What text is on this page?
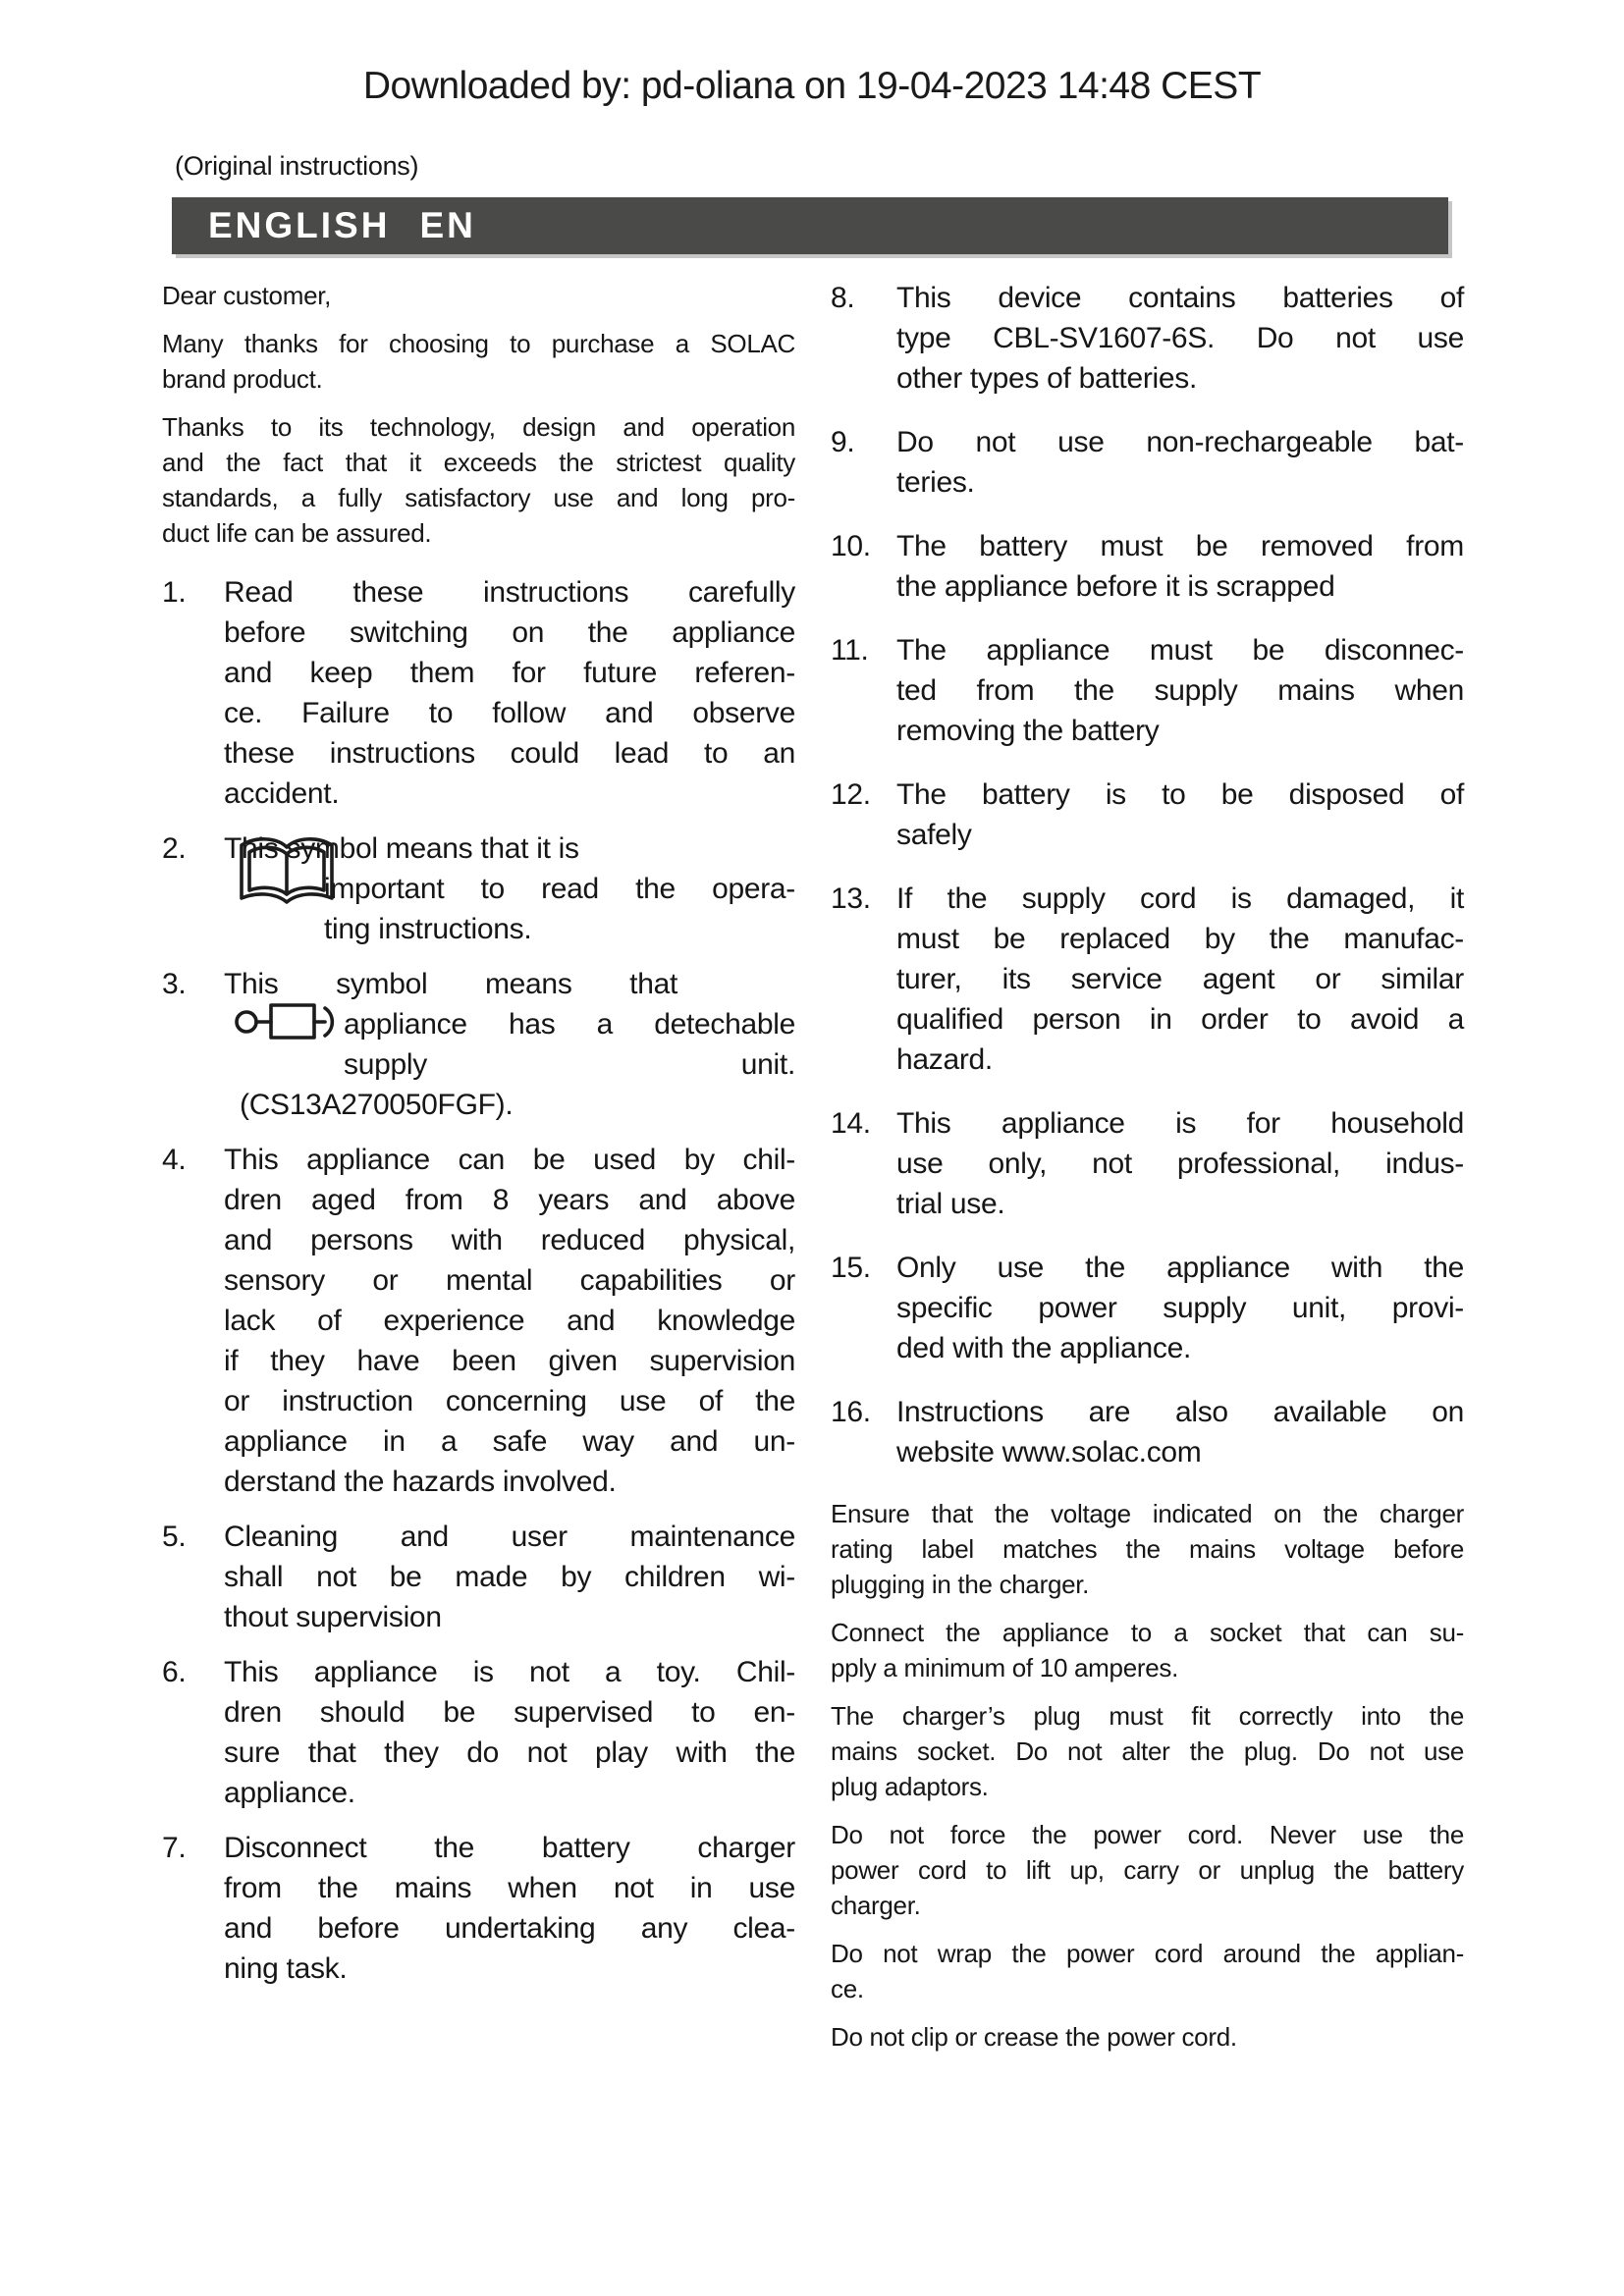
Downloaded by: pd-oliana on 19-04-2023 14:48 CEST
(Original instructions)
ENGLISH EN
Dear customer,
Many thanks for choosing to purchase a SOLAC
brand product.
Thanks to its technology, design and operation
and the fact that it exceeds the strictest quality
standards, a fully satisfactory use and long pro-
duct life can be assured.
1.	Read these instructions carefully
before switching on the appliance
and keep them for future referen-
ce. Failure to follow and observe
these instructions could lead to an
accident.
2.	This symbol means that it is
important to read the opera-
ting instructions.
3.	This symbol means that
appliance has a detechable
supply unit.
(CS13A270050FGF).
4.	This appliance can be used by chil-
dren aged from 8 years and above
and persons with reduced physical,
sensory or mental capabilities or
lack of experience and knowledge
if they have been given supervision
or instruction concerning use of the
appliance in a safe way and un-
derstand the hazards involved.
5.	Cleaning and user maintenance
shall not be made by children wi-
thout supervision
6.	This appliance is not a toy. Chil-
dren should be supervised to en-
sure that they do not play with the
appliance.
7.	Disconnect the battery charger
from the mains when not in use
and before undertaking any clea-
ning task.
8.	This device contains batteries of
type CBL-SV1607-6S. Do not use
other types of batteries.
9.	Do not use non-rechargeable bat-
teries.
10. The battery must be removed from
the appliance before it is scrapped
11. The appliance must be disconnec-
ted from the supply mains when
removing the battery
12. The battery is to be disposed of
safely
13. If the supply cord is damaged, it
must be replaced by the manufac-
turer, its service agent or similar
qualified person in order to avoid a
hazard.
14. This appliance is for household
use only, not professional, indus-
trial use.
15. Only use the appliance with the
specific power supply unit, provi-
ded with the appliance.
16. Instructions are also available on
website www.solac.com
Ensure that the voltage indicated on the charger
rating label matches the mains voltage before
plugging in the charger.
Connect the appliance to a socket that can su-
pply a minimum of 10 amperes.
The charger’s plug must fit correctly into the
mains socket. Do not alter the plug. Do not use
plug adaptors.
Do not force the power cord. Never use the
power cord to lift up, carry or unplug the battery
charger.
Do not wrap the power cord around the applian-
ce.
Do not clip or crease the power cord.
